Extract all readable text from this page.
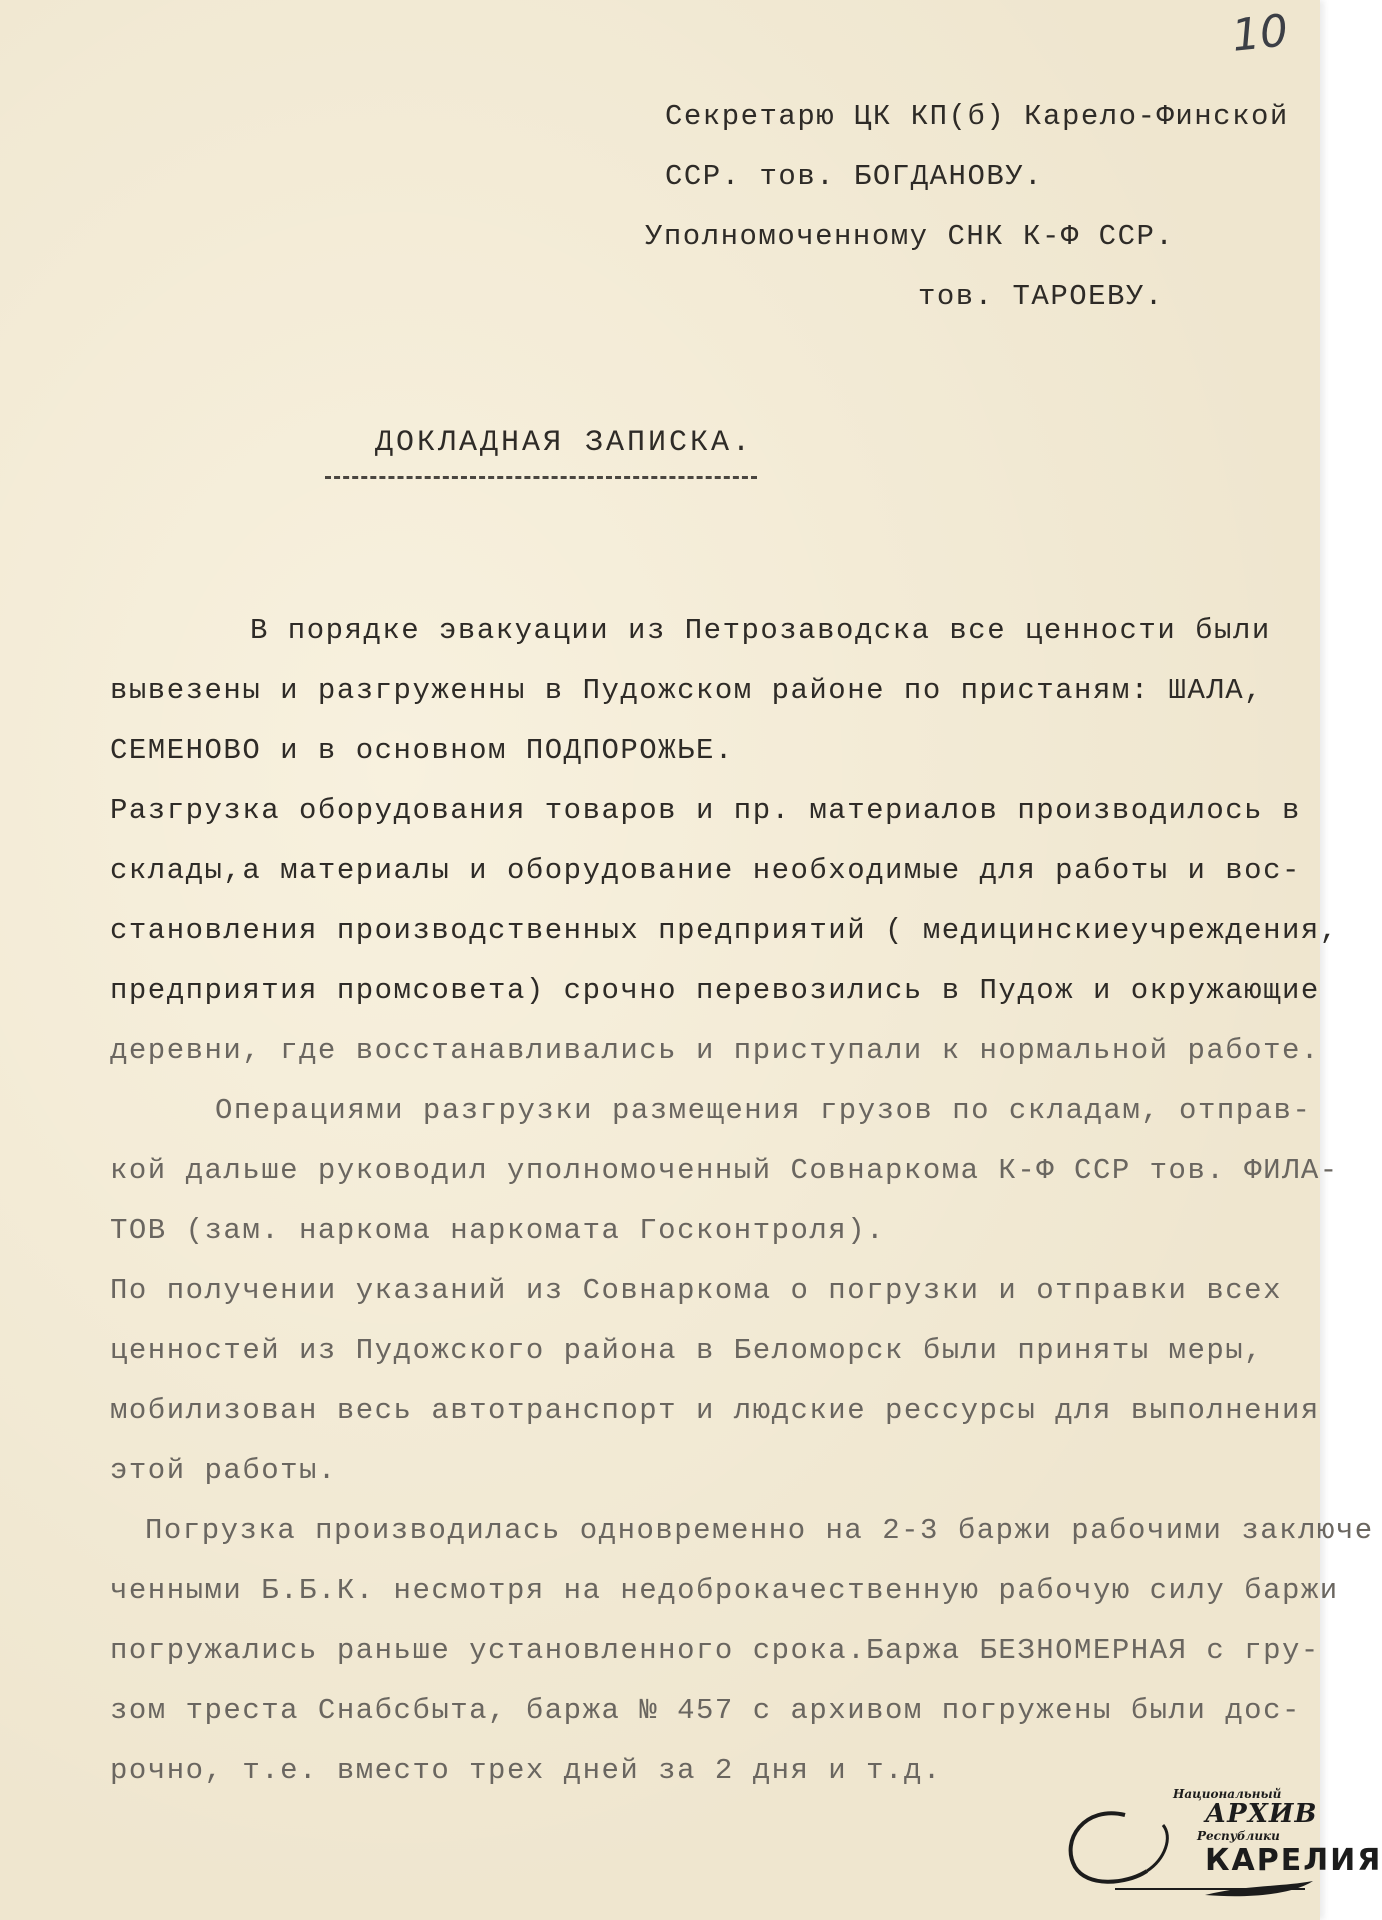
10
Секретарю ЦК КП(б) Карело-Финской
ССР. тов. БОГДАНОВУ.
Уполномоченному СНК К-Ф ССР.
тов. ТАРОЕВУ.
ДОКЛАДНАЯ ЗАПИСКА.
В порядке эвакуации из Петрозаводска все ценности были
вывезены и разгруженны в Пудожском районе по пристаням: ШАЛА,
СЕМЕНОВО и в основном ПОДПОРОЖЬЕ.
Разгрузка оборудования товаров и пр. материалов производилось в
склады,а материалы и оборудование необходимые для работы и вос-
становления производственных предприятий ( медицинскиеучреждения,
предприятия промсовета) срочно перевозились в Пудож и окружающие
деревни, где восстанавливались и приступали к нормальной работе.
Операциями разгрузки размещения грузов по складам, отправ-
кой дальше руководил уполномоченный Совнаркома К-Ф ССР тов. ФИЛА-
ТОВ (зам. наркома наркомата Госконтроля).
По получении указаний из Совнаркома о погрузки и отправки всех
ценностей из Пудожского района в Беломорск были приняты меры,
мобилизован весь автотранспорт и людские рессурсы для выполнения
этой работы.
Погрузка производилась одновременно на 2-3 баржи рабочими заключе
ченными Б.Б.К. несмотря на недоброкачественную рабочую силу баржи
погружались раньше установленного срока.Баржа БЕЗНОМЕРНАЯ с гру-
зом треста Снабсбыта, баржа № 457 с архивом погружены были дос-
рочно, т.е. вместо трех дней за 2 дня и т.д.
Национальный
АРХИВ
Республики
КАРЕЛИЯ
